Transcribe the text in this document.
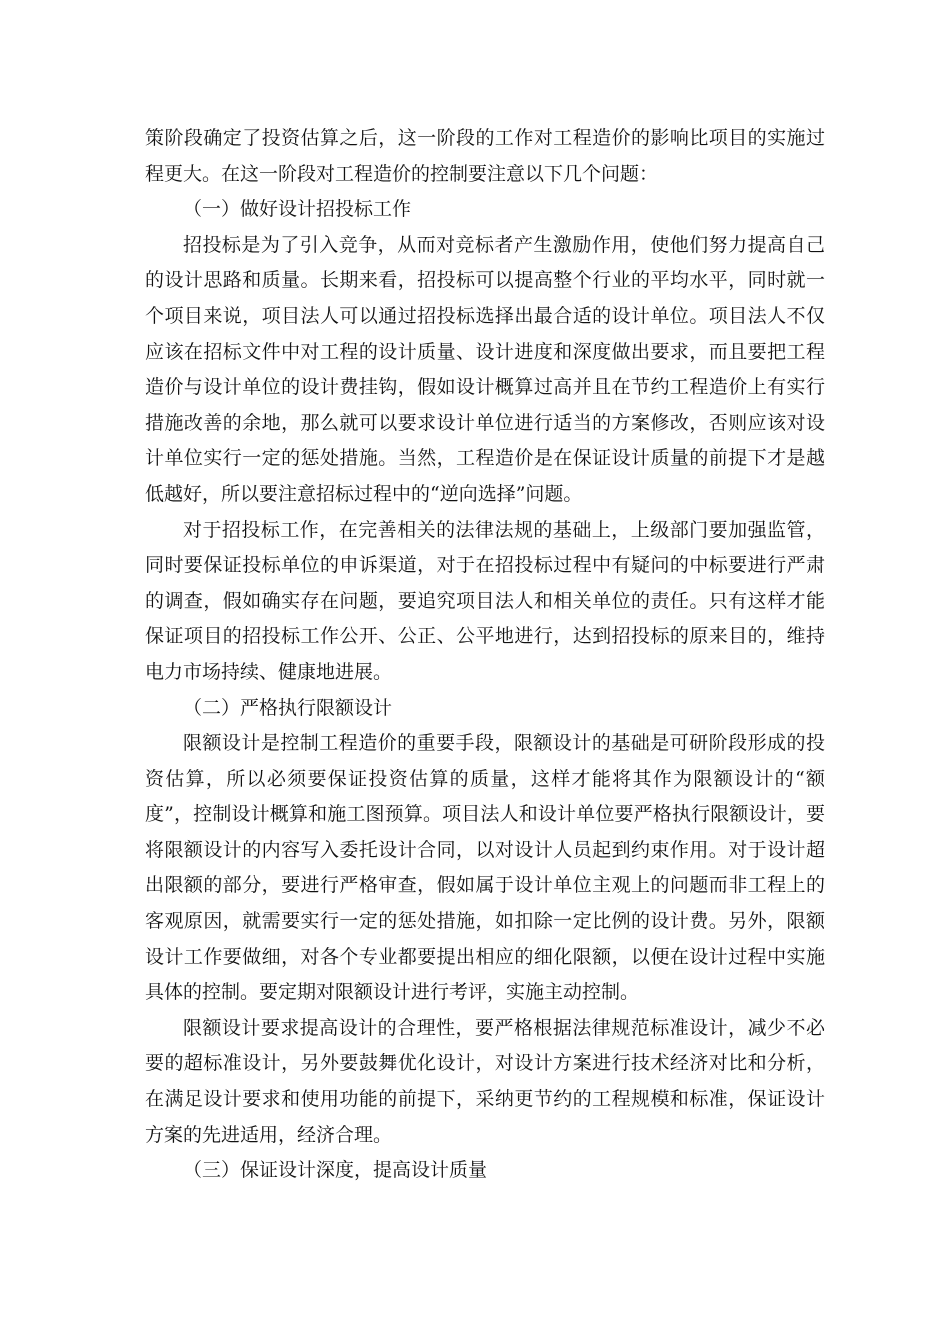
策阶段确定了投资估算之后，这一阶段的工作对工程造价的影响比项目的实施过程更大。在这一阶段对工程造价的控制要注意以下几个问题：

（一）做好设计招投标工作

招投标是为了引入竞争，从而对竞标者产生激励作用，使他们努力提高自己的设计思路和质量。长期来看，招投标可以提高整个行业的平均水平，同时就一个项目来说，项目法人可以通过招投标选择出最合适的设计单位。项目法人不仅应该在招标文件中对工程的设计质量、设计进度和深度做出要求，而且要把工程造价与设计单位的设计费挂钩，假如设计概算过高并且在节约工程造价上有实行措施改善的余地，那么就可以要求设计单位进行适当的方案修改，否则应该对设计单位实行一定的惩处措施。当然，工程造价是在保证设计质量的前提下才是越低越好，所以要注意招标过程中的“逆向选择”问题。

对于招投标工作，在完善相关的法律法规的基础上，上级部门要加强监管，同时要保证投标单位的申诉渠道，对于在招投标过程中有疑问的中标要进行严肃的调查，假如确实存在问题，要追究项目法人和相关单位的责任。只有这样才能保证项目的招投标工作公开、公正、公平地进行，达到招投标的原来目的，维持电力市场持续、健康地进展。

（二）严格执行限额设计

限额设计是控制工程造价的重要手段，限额设计的基础是可研阶段形成的投资估算，所以必须要保证投资估算的质量，这样才能将其作为限额设计的“额度”，控制设计概算和施工图预算。项目法人和设计单位要严格执行限额设计，要将限额设计的内容写入委托设计合同，以对设计人员起到约束作用。对于设计超出限额的部分，要进行严格审查，假如属于设计单位主观上的问题而非工程上的客观原因，就需要实行一定的惩处措施，如扣除一定比例的设计费。另外，限额设计工作要做细，对各个专业都要提出相应的细化限额，以便在设计过程中实施具体的控制。要定期对限额设计进行考评，实施主动控制。

限额设计要求提高设计的合理性，要严格根据法律规范标准设计，减少不必要的超标准设计，另外要鼓舞优化设计，对设计方案进行技术经济对比和分析，在满足设计要求和使用功能的前提下，采纳更节约的工程规模和标准，保证设计方案的先进适用，经济合理。

（三）保证设计深度，提高设计质量
